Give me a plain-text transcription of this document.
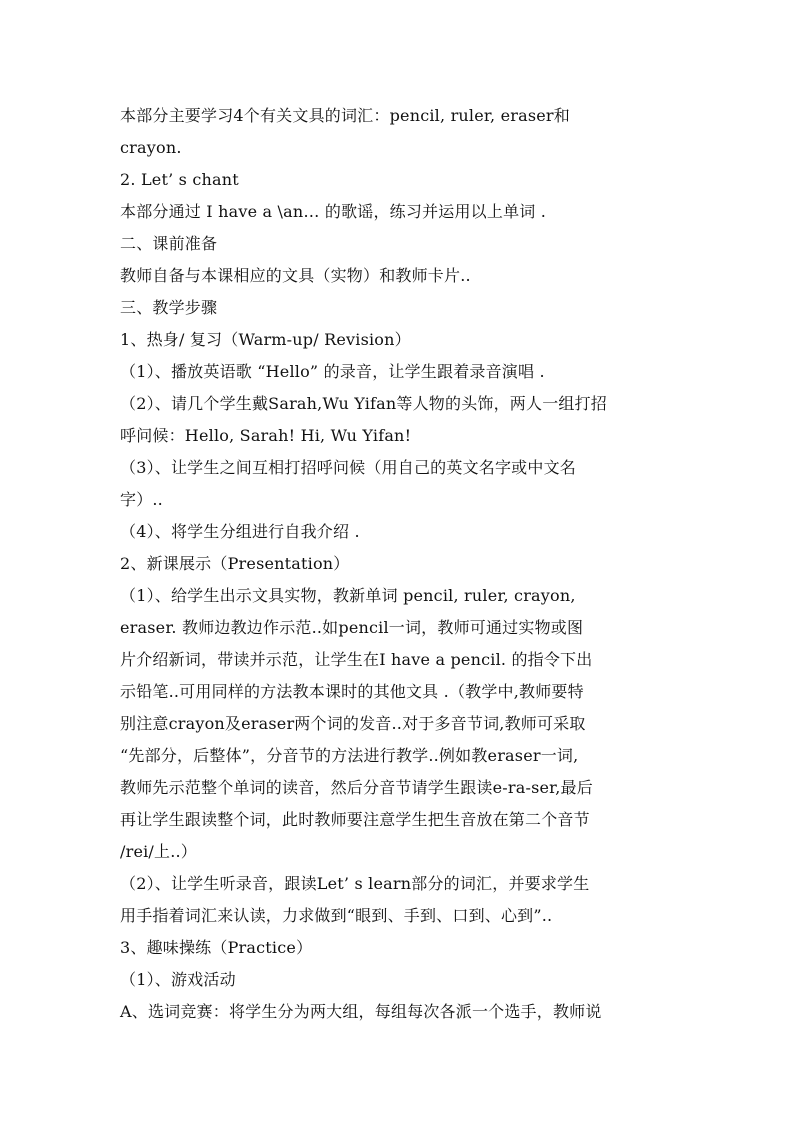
本部分主要学习4个有关文具的词汇：pencil, ruler, eraser和
crayon.
2. Let’ s chant
本部分通过 I have a \an… 的歌谣，练习并运用以上单词 .
二、课前准备
教师自备与本课相应的文具（实物）和教师卡片..
三、教学步骤
1、热身/ 复习（Warm-up/ Revision）
（1）、播放英语歌 “Hello” 的录音，让学生跟着录音演唱 .
（2）、请几个学生戴Sarah,Wu Yifan等人物的头饰，两人一组打招
呼问候：Hello, Sarah! Hi, Wu Yifan!
（3）、让学生之间互相打招呼问候（用自己的英文名字或中文名
字）..
（4）、将学生分组进行自我介绍 .
2、新课展示（Presentation）
（1）、给学生出示文具实物，教新单词 pencil, ruler, crayon,
eraser. 教师边教边作示范..如pencil一词，教师可通过实物或图
片介绍新词，带读并示范，让学生在I have a pencil. 的指令下出
示铅笔..可用同样的方法教本课时的其他文具 .（教学中,教师要特
别注意crayon及eraser两个词的发音..对于多音节词,教师可采取
“先部分，后整体”，分音节的方法进行教学..例如教eraser一词,
教师先示范整个单词的读音，然后分音节请学生跟读e-ra-ser,最后
再让学生跟读整个词，此时教师要注意学生把生音放在第二个音节
/rei/上..）
（2）、让学生听录音，跟读Let’ s learn部分的词汇，并要求学生
用手指着词汇来认读，力求做到“眼到、手到、口到、心到”..
3、趣味操练（Practice）
（1）、游戏活动
A、选词竞赛：将学生分为两大组，每组每次各派一个选手，教师说
